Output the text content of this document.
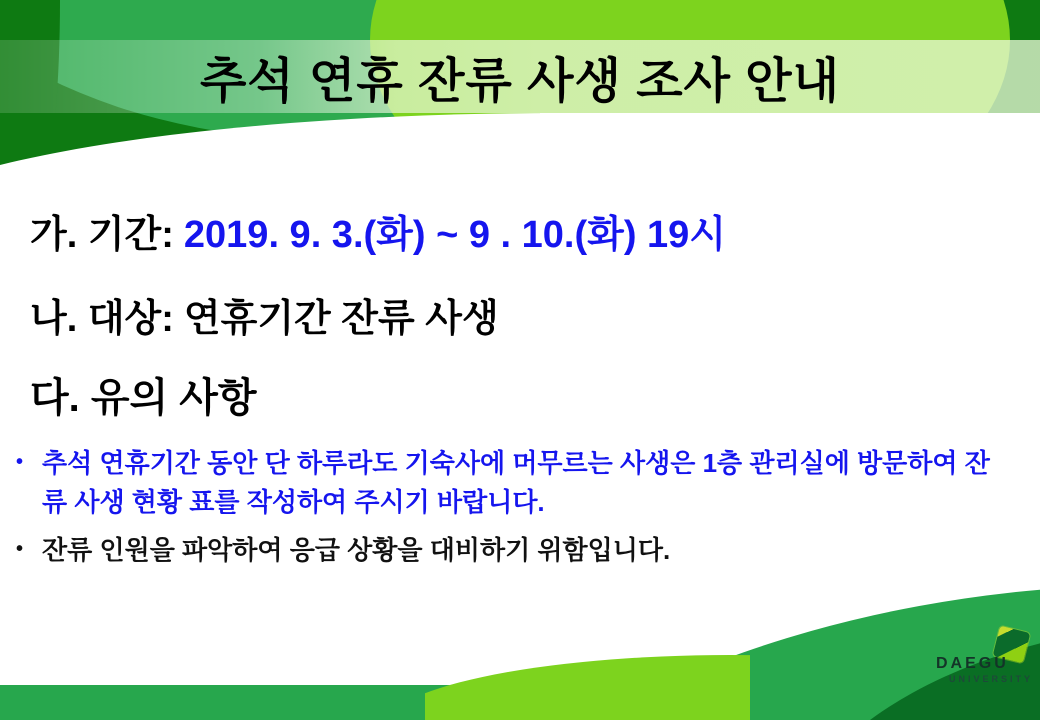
추석 연휴 잔류 사생 조사 안내
가. 기간: 2019. 9. 3.(화) ~ 9 . 10.(화) 19시
나. 대상: 연휴기간 잔류 사생
다. 유의 사항
• 추석 연휴기간 동안 단 하루라도 기숙사에 머무르는 사생은 1층 관리실에 방문하여 잔류 사생 현황 표를 작성하여 주시기 바랍니다.
• 잔류 인원을 파악하여 응급 상황을 대비하기 위함입니다.
DAEGU
UNIVERSITY
